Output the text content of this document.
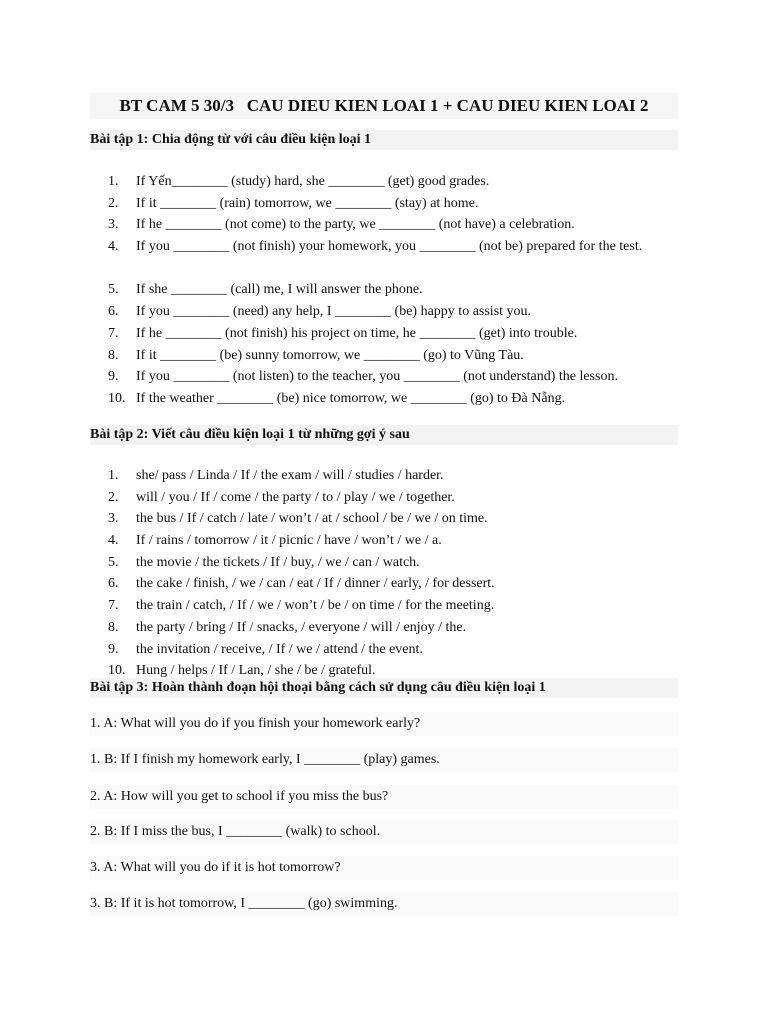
BT CAM 5 30/3   CAU DIEU KIEN LOAI 1 + CAU DIEU KIEN LOAI 2
Bài tập 1: Chia động từ với câu điều kiện loại 1
1.	If Yến________ (study) hard, she ________ (get) good grades.
2.	If it ________ (rain) tomorrow, we ________ (stay) at home.
3.	If he ________ (not come) to the party, we ________ (not have) a celebration.
4.	If you ________ (not finish) your homework, you ________ (not be) prepared for the test.
5.	If she ________ (call) me, I will answer the phone.
6.	If you ________ (need) any help, I ________ (be) happy to assist you.
7.	If he ________ (not finish) his project on time, he ________ (get) into trouble.
8.	If it ________ (be) sunny tomorrow, we ________ (go) to Vũng Tàu.
9.	If you ________ (not listen) to the teacher, you ________ (not understand) the lesson.
10. If the weather ________ (be) nice tomorrow, we ________ (go) to Đà Nẵng.
Bài tập 2: Viết câu điều kiện loại 1 từ những gợi ý sau
1.	she/ pass / Linda / If / the exam / will / studies / harder.
2.	will / you / If / come / the party / to / play / we / together.
3.	the bus / If / catch / late / won’t / at / school / be / we / on time.
4.	If / rains / tomorrow / it / picnic / have / won’t / we / a.
5.	the movie / the tickets / If / buy, / we / can / watch.
6.	the cake / finish, / we / can / eat / If / dinner / early, / for dessert.
7.	the train / catch, / If / we / won’t / be / on time / for the meeting.
8.	the party / bring / If / snacks, / everyone / will / enjoy / the.
9.	the invitation / receive, / If / we / attend / the event.
10. Hung / helps / If / Lan, / she / be / grateful.
Bài tập 3: Hoàn thành đoạn hội thoại bằng cách sử dụng câu điều kiện loại 1
1. A: What will you do if you finish your homework early?
1. B: If I finish my homework early, I ________ (play) games.
2. A: How will you get to school if you miss the bus?
2. B: If I miss the bus, I ________ (walk) to school.
3. A: What will you do if it is hot tomorrow?
3. B: If it is hot tomorrow, I ________ (go) swimming.
